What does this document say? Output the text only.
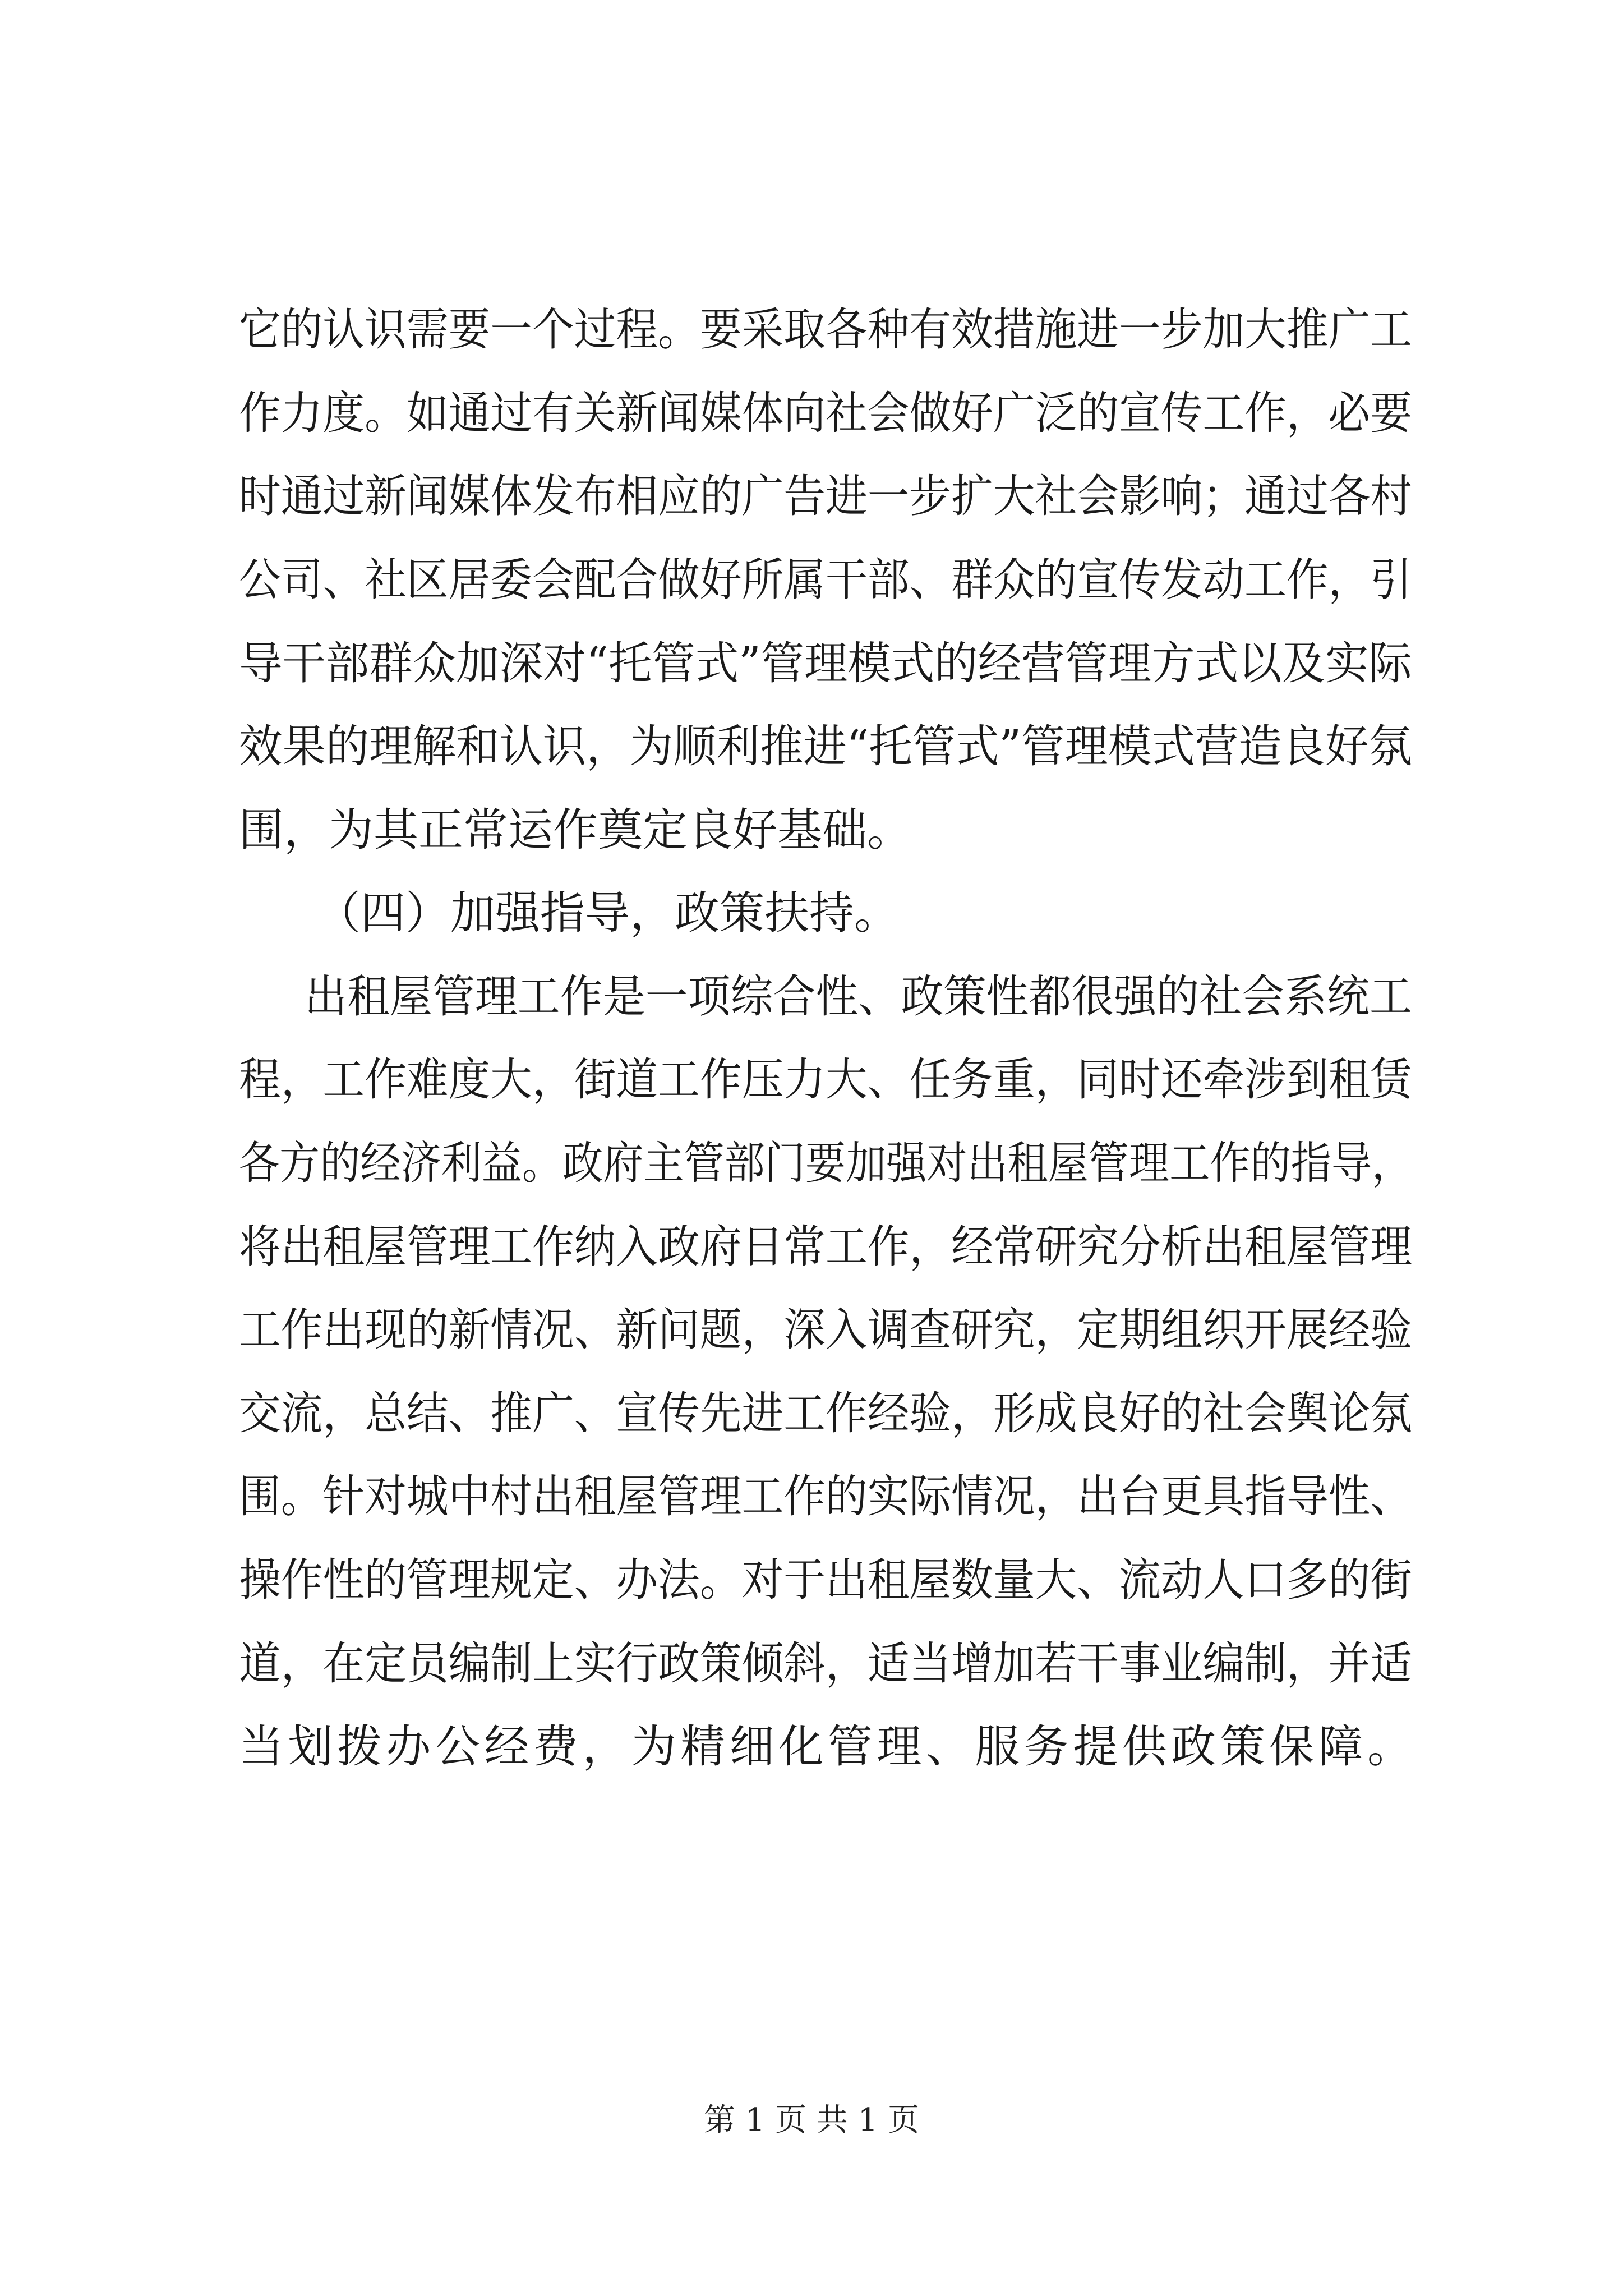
它的认识需要一个过程。要采取各种有效措施进一步加大推广工
作力度。如通过有关新闻媒体向社会做好广泛的宣传工作，必要
时通过新闻媒体发布相应的广告进一步扩大社会影响；通过各村
公司、社区居委会配合做好所属干部、群众的宣传发动工作，引
导干部群众加深对“托管式”管理模式的经营管理方式以及实际
效果的理解和认识，为顺利推进“托管式”管理模式营造良好氛
围，为其正常运作奠定良好基础。
（四）加强指导，政策扶持。
出租屋管理工作是一项综合性、政策性都很强的社会系统工
程，工作难度大，街道工作压力大、任务重，同时还牵涉到租赁
各方的经济利益。政府主管部门要加强对出租屋管理工作的指导，
将出租屋管理工作纳入政府日常工作，经常研究分析出租屋管理
工作出现的新情况、新问题，深入调查研究，定期组织开展经验
交流，总结、推广、宣传先进工作经验，形成良好的社会舆论氛
围。针对城中村出租屋管理工作的实际情况，出台更具指导性、
操作性的管理规定、办法。对于出租屋数量大、流动人口多的街
道，在定员编制上实行政策倾斜，适当增加若干事业编制，并适
当划拨办公经费，为精细化管理、服务提供政策保障。
第 1 页 共 1 页
